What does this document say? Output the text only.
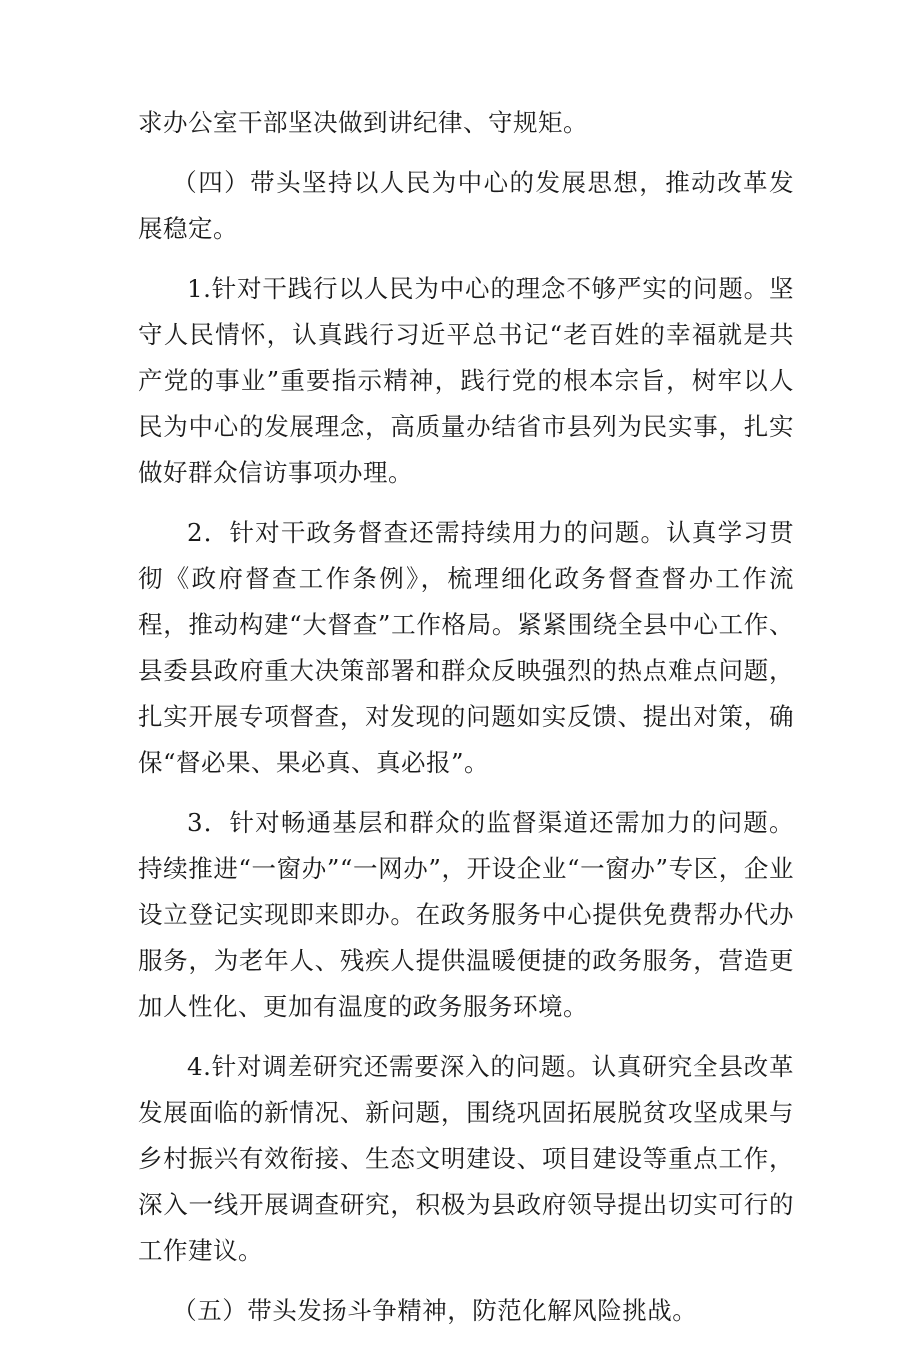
求办公室干部坚决做到讲纪律、守规矩。

（四）带头坚持以人民为中心的发展思想，推动改革发展稳定。

1.针对干践行以人民为中心的理念不够严实的问题。坚守人民情怀，认真践行习近平总书记“老百姓的幸福就是共产党的事业”重要指示精神，践行党的根本宗旨，树牢以人民为中心的发展理念，高质量办结省市县列为民实事，扎实做好群众信访事项办理。

2．针对干政务督查还需持续用力的问题。认真学习贯彻《政府督查工作条例》，梳理细化政务督查督办工作流程，推动构建“大督查”工作格局。紧紧围绕全县中心工作、县委县政府重大决策部署和群众反映强烈的热点难点问题，扎实开展专项督查，对发现的问题如实反馈、提出对策，确保“督必果、果必真、真必报”。

3．针对畅通基层和群众的监督渠道还需加力的问题。持续推进“一窗办”“一网办”，开设企业“一窗办”专区，企业设立登记实现即来即办。在政务服务中心提供免费帮办代办服务，为老年人、残疾人提供温暖便捷的政务服务，营造更加人性化、更加有温度的政务服务环境。

4.针对调差研究还需要深入的问题。认真研究全县改革发展面临的新情况、新问题，围绕巩固拓展脱贫攻坚成果与乡村振兴有效衔接、生态文明建设、项目建设等重点工作，深入一线开展调查研究，积极为县政府领导提出切实可行的工作建议。

（五）带头发扬斗争精神，防范化解风险挑战。
